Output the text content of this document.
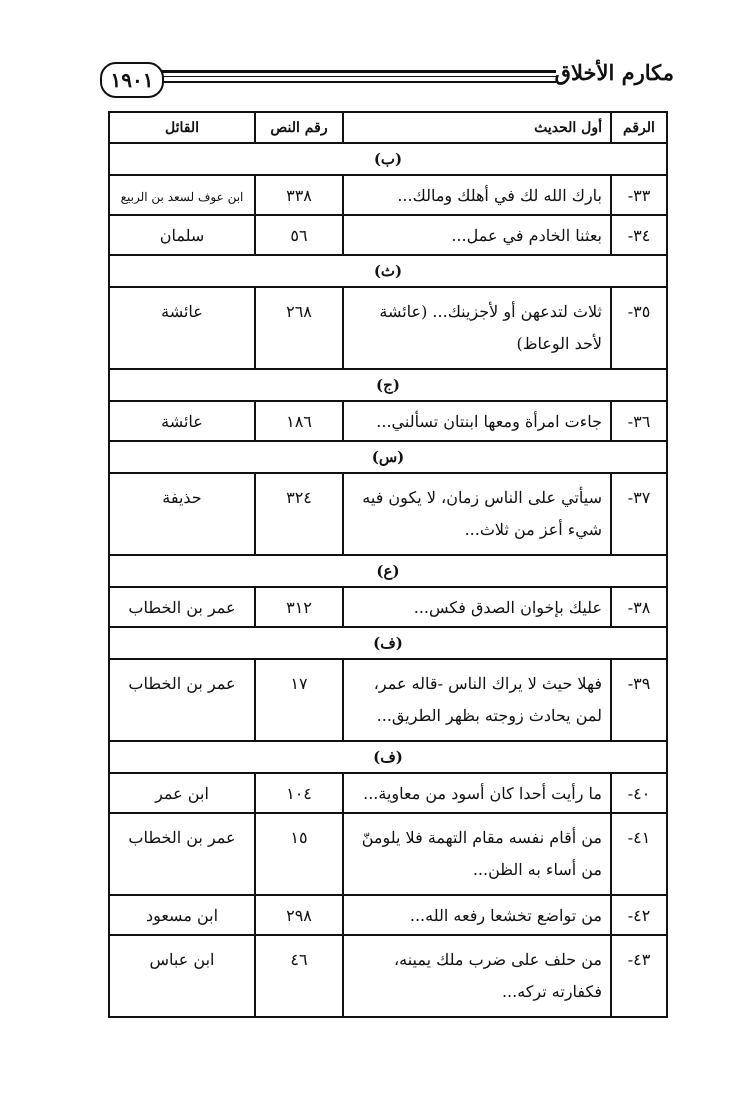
١٩٠١	مكارم الأخلاق
الرقم	أول الحديث	رقم النص	القائل
(ب)			
٣٣-	بارك الله لك في أهلك ومالك...	٣٣٨	ابن عوف لسعد بن الربيع
٣٤-	بعثنا الخادم في عمل...	٥٦	سلمان
(ث)			
٣٥-	ثلاث لتدعهن أو لأجزينك... (عائشة لأحد الوعاظ)	٢٦٨	عائشة
(ج)			
٣٦-	جاءت امرأة ومعها ابنتان تسألني...	١٨٦	عائشة
(س)			
٣٧-	سيأتي على الناس زمان، لا يكون فيه شيء أعز من ثلاث...	٣٢٤	حذيفة
(ع)			
٣٨-	عليك بإخوان الصدق فكس...	٣١٢	عمر بن الخطاب
(ف)			
٣٩-	فهلا حيث لا يراك الناس -قاله عمر، لمن يحادث زوجته بظهر الطريق...	١٧	عمر بن الخطاب
(ف)			
٤٠-	ما رأيت أحدا كان أسود من معاوية...	١٠٤	ابن عمر
٤١-	من أقام نفسه مقام التهمة فلا يلومنّ من أساء به الظن...	١٥	عمر بن الخطاب
٤٢-	من تواضع تخشعا رفعه الله...	٢٩٨	ابن مسعود
٤٣-	من حلف على ضرب ملك يمينه، فكفارته تركه...	٤٦	ابن عباس
